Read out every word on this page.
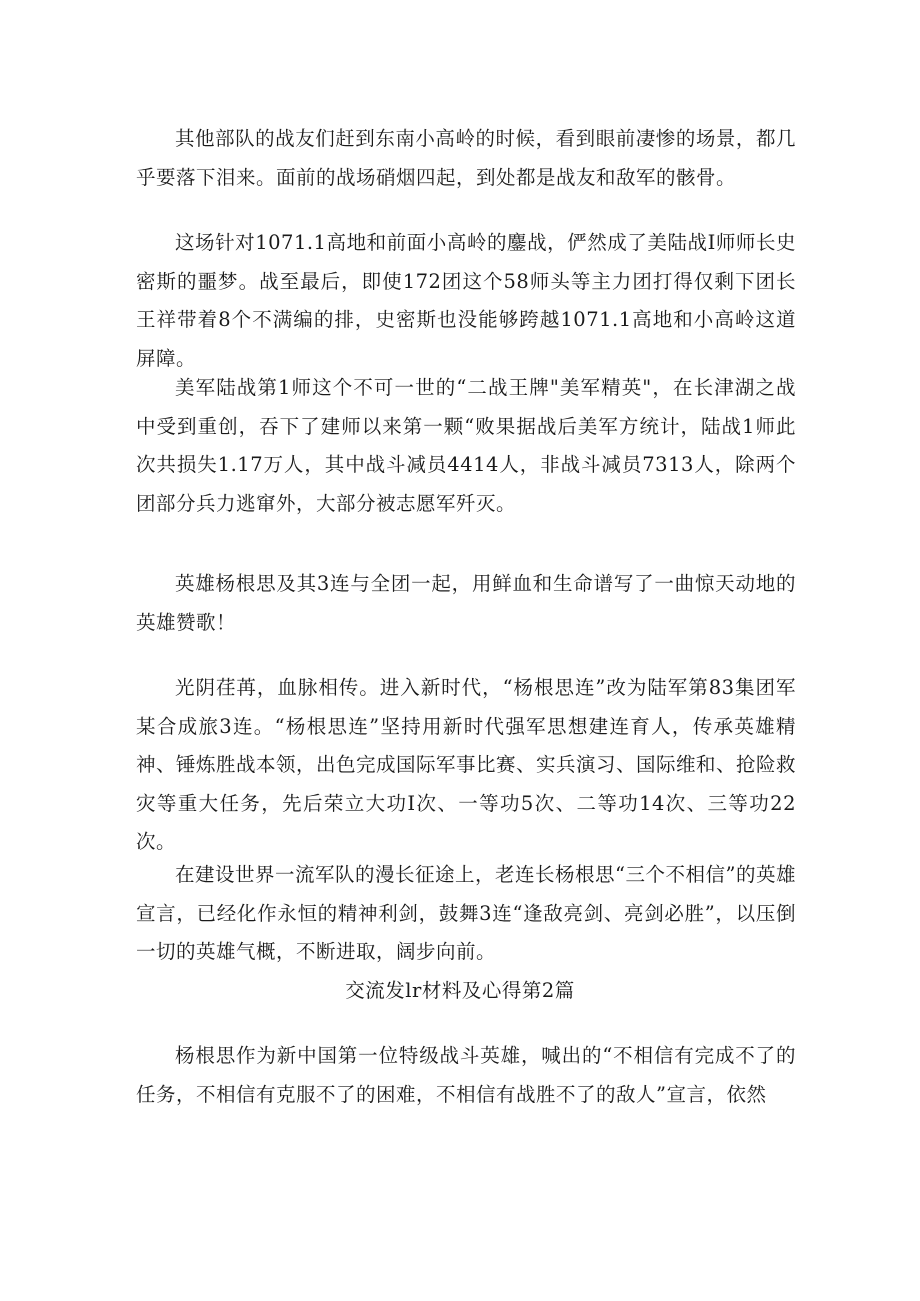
其他部队的战友们赶到东南小高岭的时候，看到眼前凄惨的场景，都几乎要落下泪来。面前的战场硝烟四起，到处都是战友和敌军的骸骨。

这场针对1071.1高地和前面小高岭的鏖战，俨然成了美陆战I师师长史密斯的噩梦。战至最后，即使172团这个58师头等主力团打得仅剩下团长王祥带着8个不满编的排，史密斯也没能够跨越1071.1高地和小高岭这道屏障。

美军陆战第1师这个不可一世的“二战王牌"美军精英"，在长津湖之战中受到重创，吞下了建师以来第一颗“败果据战后美军方统计，陆战1师此次共损失1.17万人，其中战斗减员4414人，非战斗减员7313人，除两个团部分兵力逃窜外，大部分被志愿军歼灭。

英雄杨根思及其3连与全团一起，用鲜血和生命谱写了一曲惊天动地的英雄赞歌！

光阴荏苒，血脉相传。进入新时代，“杨根思连”改为陆军第83集团军某合成旅3连。“杨根思连”坚持用新时代强军思想建连育人，传承英雄精神、锤炼胜战本领，出色完成国际军事比赛、实兵演习、国际维和、抢险救灾等重大任务，先后荣立大功I次、一等功5次、二等功14次、三等功22次。

在建设世界一流军队的漫长征途上，老连长杨根思“三个不相信”的英雄宣言，已经化作永恒的精神利剑，鼓舞3连“逢敌亮剑、亮剑必胜”，以压倒一切的英雄气概，不断进取，阔步向前。

交流发lr材料及心得第2篇

杨根思作为新中国第一位特级战斗英雄，喊出的“不相信有完成不了的任务，不相信有克服不了的困难，不相信有战胜不了的敌人”宣言，依然
